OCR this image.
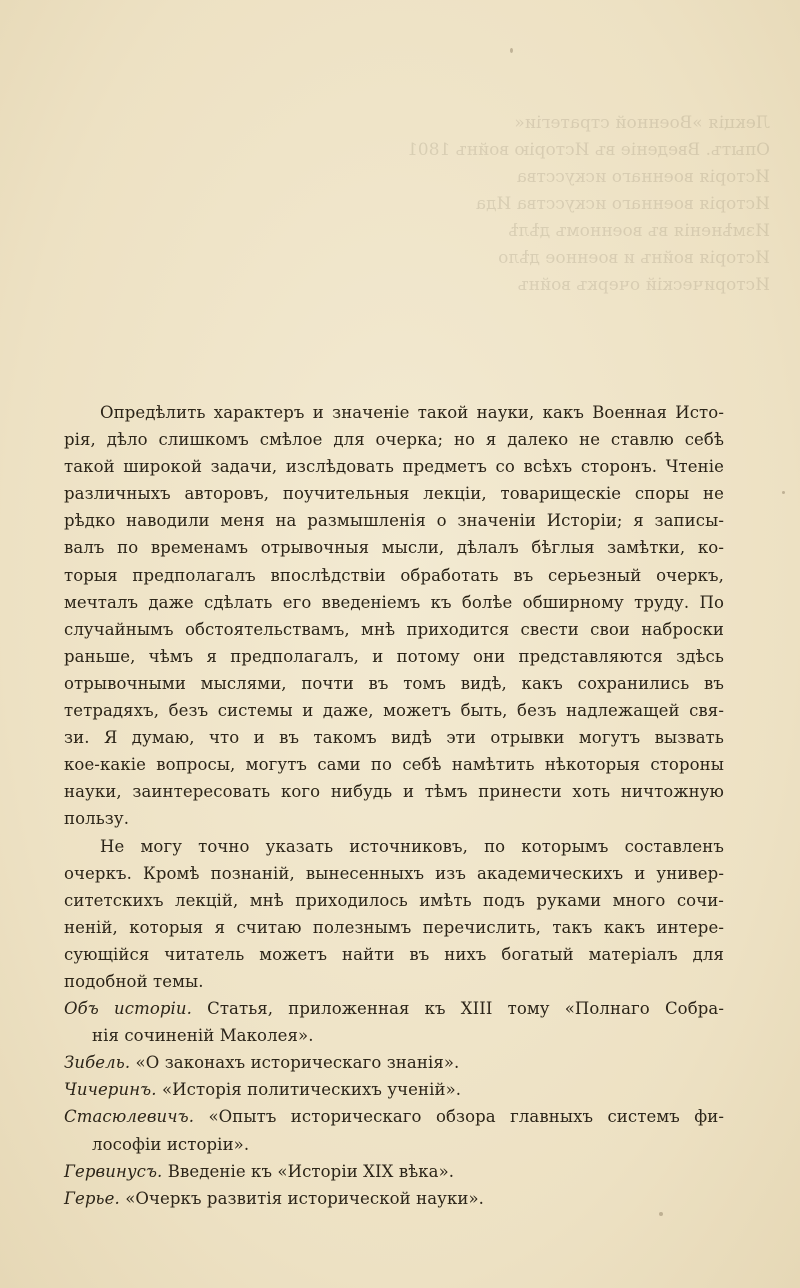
Лекція »Военной стратегіи«
Опытъ. Введеніе въ Исторію войнъ 1801
Исторія военнаго искусства
Исторія военнаго искусства Ида
Измѣненія въ военномъ дѣлѣ
Исторія войнъ и военное дѣло
Историческій очеркъ войнъ
Опредѣлить характеръ и значеніе такой науки, какъ Военная Исто-
рія, дѣло слишкомъ смѣлое для очерка; но я далеко не ставлю себѣ
такой широкой задачи, изслѣдовать предметъ со всѣхъ сторонъ. Чтеніе
различныхъ авторовъ, поучительныя лекціи, товарищескіе споры не
рѣдко наводили меня на размышленія о значеніи Исторіи; я записы-
валъ по временамъ отрывочныя мысли, дѣлалъ бѣглыя замѣтки, ко-
торыя предполагалъ впослѣдствіи обработать въ серьезный очеркъ,
мечталъ даже сдѣлать его введеніемъ къ болѣе обширному труду. По
случайнымъ обстоятельствамъ, мнѣ приходится свести свои наброски
раньше, чѣмъ я предполагалъ, и потому они представляются здѣсь
отрывочными мыслями, почти въ томъ видѣ, какъ сохранились въ
тетрадяхъ, безъ системы и даже, можетъ быть, безъ надлежащей свя-
зи. Я думаю, что и въ такомъ видѣ эти отрывки могутъ вызвать
кое-какіе вопросы, могутъ сами по себѣ намѣтить нѣкоторыя стороны
науки, заинтересовать кого нибудь и тѣмъ принести хоть ничтожную
пользу.
Не могу точно указать источниковъ, по которымъ составленъ
очеркъ. Кромѣ познаній, вынесенныхъ изъ академическихъ и универ-
ситетскихъ лекцій, мнѣ приходилось имѣть подъ руками много сочи-
неній, которыя я считаю полезнымъ перечислить, такъ какъ интере-
сующійся читатель можетъ найти въ нихъ богатый матеріалъ для
подобной темы.
Объ исторіи. Статья, приложенная къ XIII тому «Полнаго Собра-
нія сочиненій Маколея».
Зибель. «О законахъ историческаго знанія».
Чичеринъ. «Исторія политическихъ ученій».
Стасюлевичъ. «Опытъ историческаго обзора главныхъ системъ фи-
лософіи исторіи».
Гервинусъ. Введеніе къ «Исторіи XIX вѣка».
Герье. «Очеркъ развитія исторической науки».
